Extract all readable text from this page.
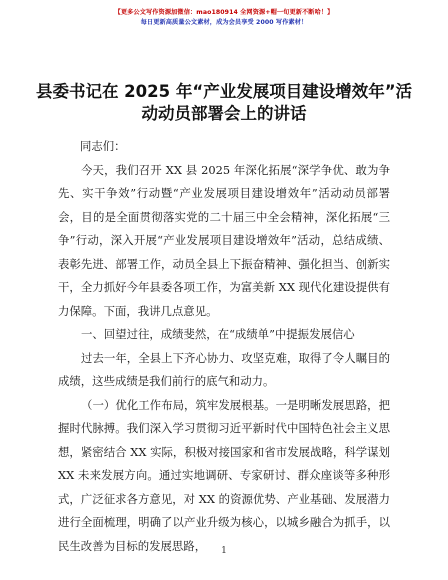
【更多公文写作资源加微信：mao180914 全网资源+帽一旬更新不断哈！】
每日更新高质量公文素材，成为会员享受 2000 写作素材！
县委书记在 2025 年“产业发展项目建设增效年”活动动员部署会上的讲话

同志们：

今天，我们召开 XX 县 2025 年深化拓展“深学争优、敢为争先、实干争效”行动暨“产业发展项目建设增效年”活动动员部署会，目的是全面贯彻落实党的二十届三中全会精神，深化拓展“三争”行动，深入开展“产业发展项目建设增效年”活动，总结成绩、表彰先进、部署工作，动员全县上下振奋精神、强化担当、创新实干，全力抓好今年县委各项工作，为富美新 XX 现代化建设提供有力保障。下面，我讲几点意见。

一、回望过往，成绩斐然，在“成绩单”中提振发展信心

过去一年，全县上下齐心协力、攻坚克难，取得了令人瞩目的成绩，这些成绩是我们前行的底气和动力。

（一）优化工作布局，筑牢发展根基。一是明晰发展思路，把握时代脉搏。我们深入学习贯彻习近平新时代中国特色社会主义思想，紧密结合 XX 实际，积极对接国家和省市发展战略，科学谋划 XX 未来发展方向。通过实地调研、专家研讨、群众座谈等多种形式，广泛征求各方意见，对 XX 的资源优势、产业基础、发展潜力进行全面梳理，明确了以产业升级为核心，以城乡融合为抓手，以民生改善为目标的发展思路，	1
